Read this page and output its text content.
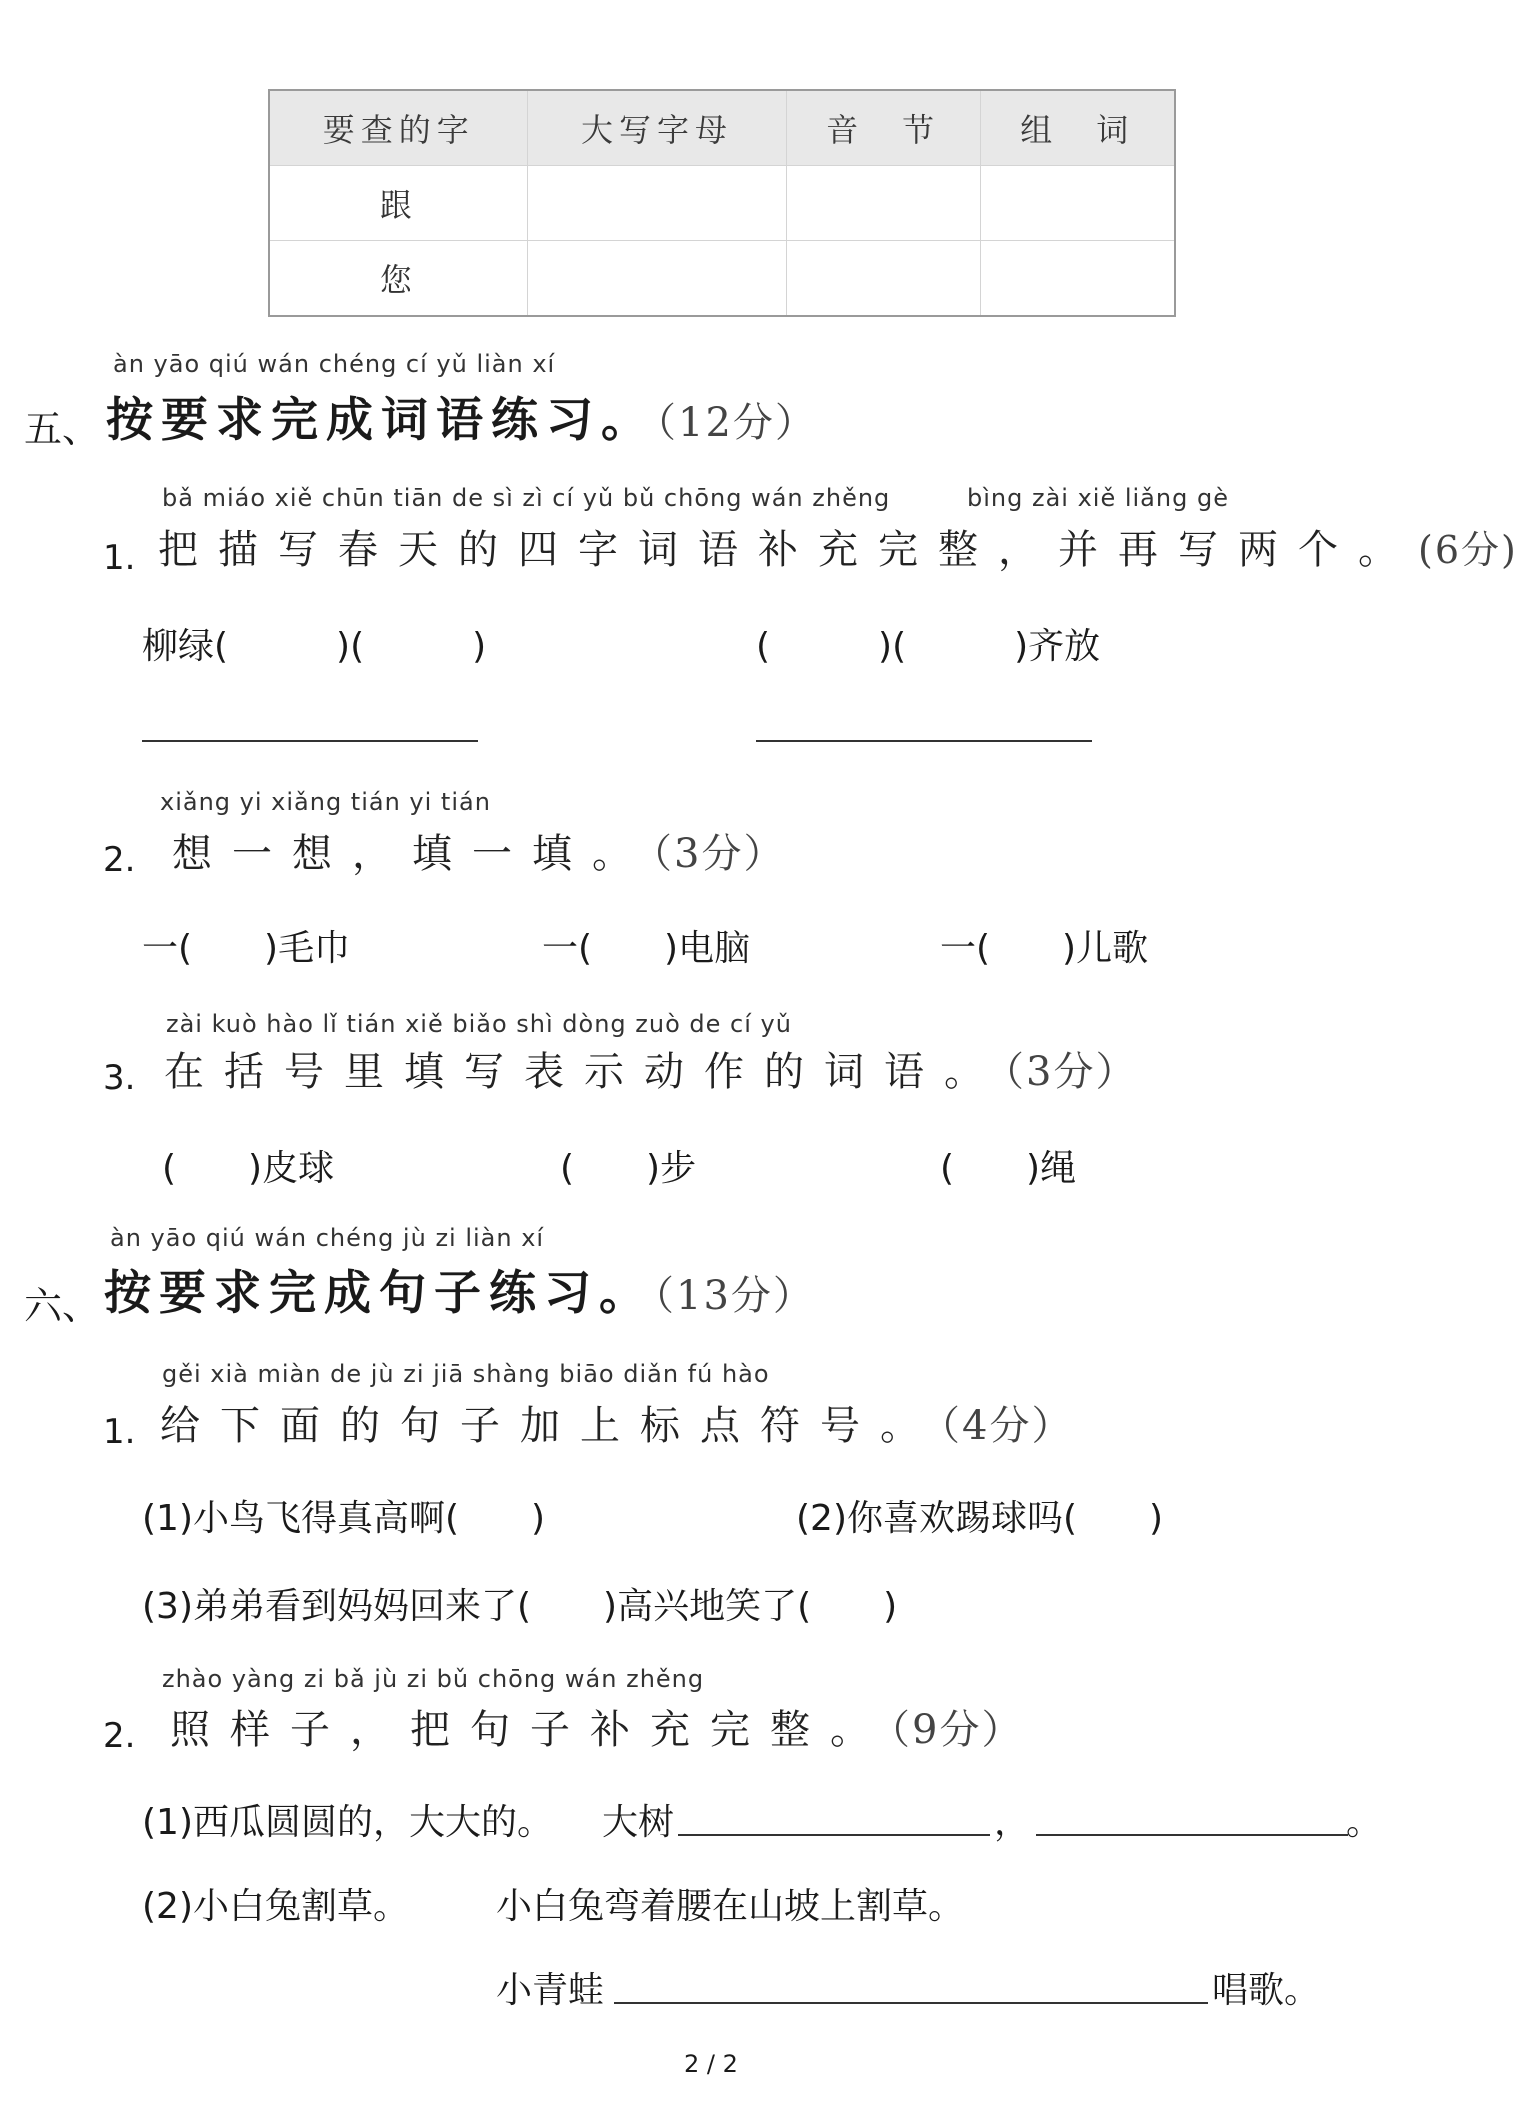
要查的字	大写字母	音　节	组　词
跟			
您			
àn yāo qiú wán chéng cí yǔ liàn xí
五、 按要求完成词语练习。（12分）
bǎ miáo xiě chūn tiān de sì zì cí yǔ bǔ chōng wán zhěng	bìng zài xiě liǎng gè
1. 把描写春天的四字词语补充完整，并再写两个。(6分)
柳绿(　　　)(　　　)	(　　　)(　　　)齐放
xiǎng yi xiǎng tián yi tián
2. 想一想，填一填。（3分）
一(　　)毛巾	一(　　)电脑	一(　　)儿歌
zài kuò hào lǐ tián xiě biǎo shì dòng zuò de cí yǔ
3. 在括号里填写表示动作的词语。（3分）
(　　)皮球	(　　)步	(　　)绳
àn yāo qiú wán chéng jù zi liàn xí
六、 按要求完成句子练习。（13分）
gěi xià miàn de jù zi jiā shàng biāo diǎn fú hào
1. 给下面的句子加上标点符号。（4分）
(1)小鸟飞得真高啊(　　)	(2)你喜欢踢球吗(　　)
(3)弟弟看到妈妈回来了(　　)高兴地笑了(　　)
zhào yàng zi bǎ jù zi bǔ chōng wán zhěng
2. 照样子，把句子补充完整。（9分）
(1)西瓜圆圆的，大大的。 大树	，	。
(2)小白兔割草。 小白兔弯着腰在山坡上割草。
小青蛙	唱歌。
2 / 2
